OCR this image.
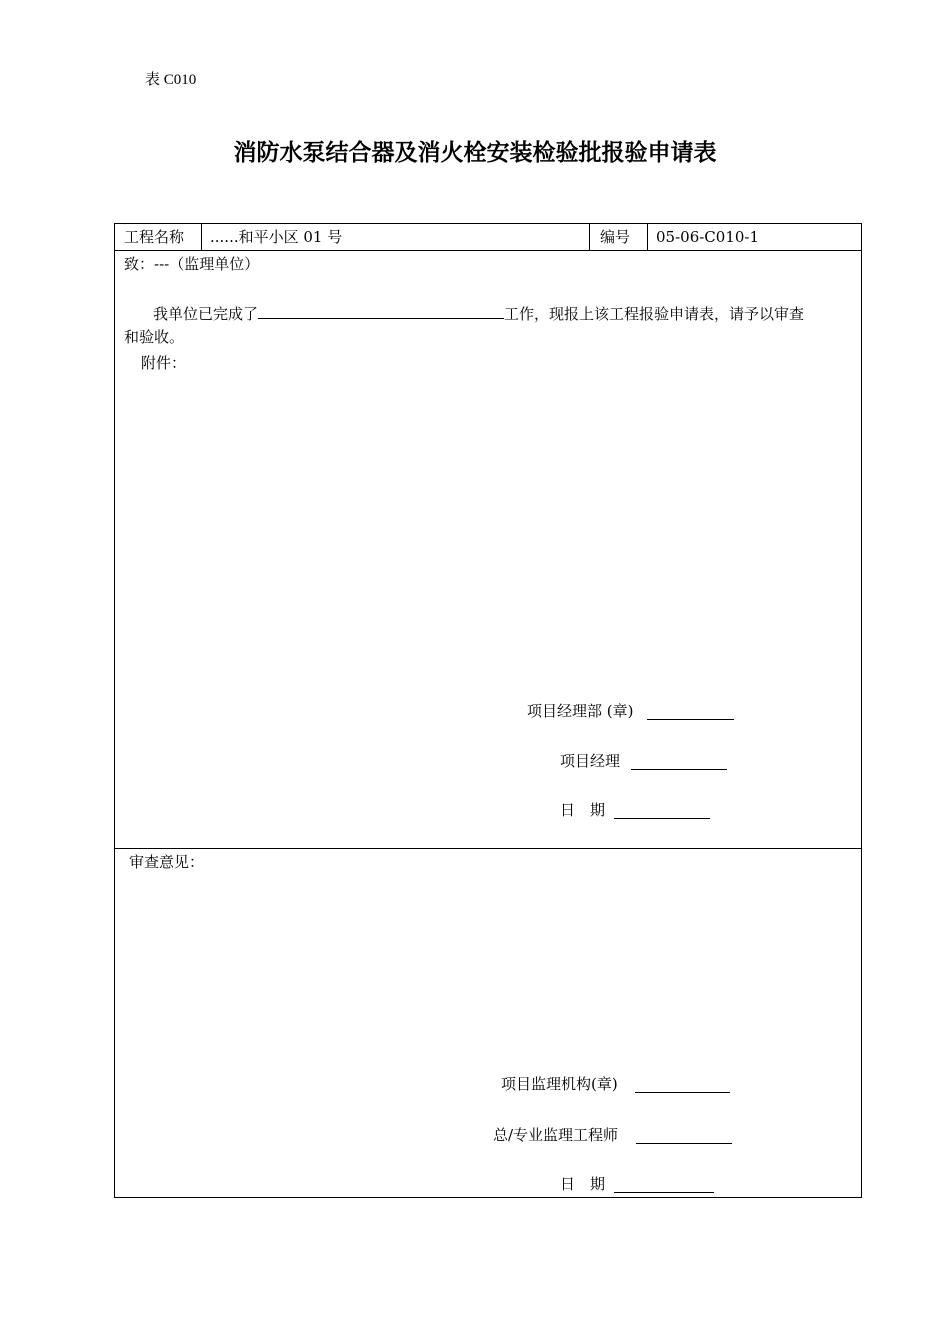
表 C010
消防水泵结合器及消火栓安装检验批报验申请表
工程名称 ......和平小区 01 号	编号 05-06-C010-1
致：---（监理单位）
我单位已完成了	工作，现报上该工程报验申请表，请予以审查
和验收。
附件：
项目经理部 (章)
项目经理
日　期
审查意见：
项目监理机构(章)
总/专业监理工程师
日　期
